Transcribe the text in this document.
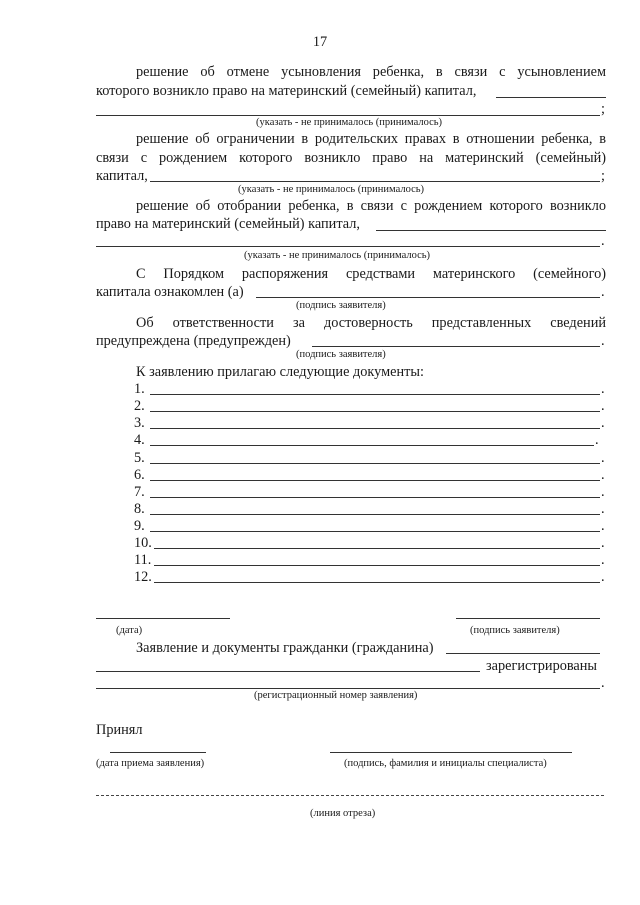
17
решение об отмене усыновления ребенка, в связи с усыновлением
которого возникло право на материнский (семейный) капитал,
;
(указать - не принималось (принималось)
решение об ограничении в родительских правах в отношении ребенка, в
связи с рождением которого возникло право на материнский (семейный)
капитал,	;
(указать - не принималось (принималось)
решение об отобрании ребенка, в связи с рождением которого возникло
право на материнский (семейный) капитал,
.
(указать - не принималось (принималось)
С Порядком распоряжения средствами материнского (семейного)
капитала ознакомлен (а)	.
(подпись заявителя)
Об ответственности за достоверность представленных сведений
предупреждена (предупрежден)	.
(подпись заявителя)
К заявлению прилагаю следующие документы:
1.	.
2.	.
3.	.
4.	.
5.	.
6.	.
7.	.
8.	.
9.	.
10.	.
11.	.
12.	.
(дата)	(подпись заявителя)
Заявление и документы гражданки (гражданина)
зарегистрированы
.
(регистрационный номер заявления)
Принял
(дата приема заявления)	(подпись, фамилия и инициалы специалиста)
(линия отреза)
